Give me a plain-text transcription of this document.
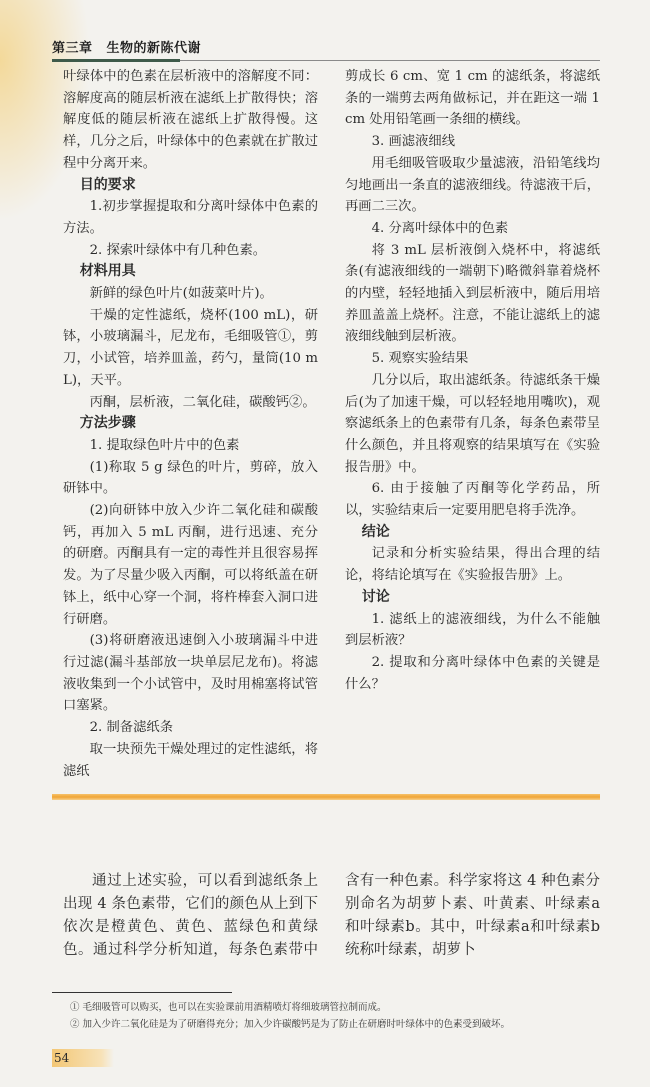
第三章 生物的新陈代谢

叶绿体中的色素在层析液中的溶解度不同：溶解度高的随层析液在滤纸上扩散得快；溶解度低的随层析液在滤纸上扩散得慢。这样，几分之后，叶绿体中的色素就在扩散过程中分离开来。

目的要求

1.初步掌握提取和分离叶绿体中色素的方法。

2. 探索叶绿体中有几种色素。

材料用具

新鲜的绿色叶片(如菠菜叶片)。

干燥的定性滤纸，烧杯(100 mL)，研钵，小玻璃漏斗，尼龙布，毛细吸管①，剪刀，小试管，培养皿盖，药勺，量筒(10 mL)，天平。

丙酮，层析液，二氧化硅，碳酸钙②。

方法步骤

1. 提取绿色叶片中的色素

(1)称取 5 g 绿色的叶片，剪碎，放入研钵中。

(2)向研钵中放入少许二氧化硅和碳酸钙，再加入 5 mL 丙酮，进行迅速、充分的研磨。丙酮具有一定的毒性并且很容易挥发。为了尽量少吸入丙酮，可以将纸盖在研钵上，纸中心穿一个洞，将杵棒套入洞口进行研磨。

(3)将研磨液迅速倒入小玻璃漏斗中进行过滤(漏斗基部放一块单层尼龙布)。将滤液收集到一个小试管中，及时用棉塞将试管口塞紧。

2. 制备滤纸条

取一块预先干燥处理过的定性滤纸，将滤纸

剪成长 6 cm、宽 1 cm 的滤纸条，将滤纸条的一端剪去两角做标记，并在距这一端 1 cm 处用铅笔画一条细的横线。

3. 画滤液细线

用毛细吸管吸取少量滤液，沿铅笔线均匀地画出一条直的滤液细线。待滤液干后，再画二三次。

4. 分离叶绿体中的色素

将 3 mL 层析液倒入烧杯中，将滤纸条(有滤液细线的一端朝下)略微斜靠着烧杯的内壁，轻轻地插入到层析液中，随后用培养皿盖盖上烧杯。注意，不能让滤纸上的滤液细线触到层析液。

5. 观察实验结果

几分以后，取出滤纸条。待滤纸条干燥后(为了加速干燥，可以轻轻地用嘴吹)，观察滤纸条上的色素带有几条，每条色素带呈什么颜色，并且将观察的结果填写在《实验报告册》中。

6. 由于接触了丙酮等化学药品，所以，实验结束后一定要用肥皂将手洗净。

结论

记录和分析实验结果，得出合理的结论，将结论填写在《实验报告册》上。

讨论

1. 滤纸上的滤液细线，为什么不能触到层析液？

2. 提取和分离叶绿体中色素的关键是什么？

通过上述实验，可以看到滤纸条上出现 4 条色素带，它们的颜色从上到下依次是橙黄色、黄色、蓝绿色和黄绿色。通过科学分析知道，每条色素带中含有一种色素。科学家将这 4 种色素分别命名为胡萝卜素、叶黄素、叶绿素a和叶绿素b。其中，叶绿素a和叶绿素b统称叶绿素，胡萝卜

① 毛细吸管可以购买，也可以在实验课前用酒精喷灯将细玻璃管拉制而成。
② 加入少许二氧化硅是为了研磨得充分；加入少许碳酸钙是为了防止在研磨时叶绿体中的色素受到破坏。
54
